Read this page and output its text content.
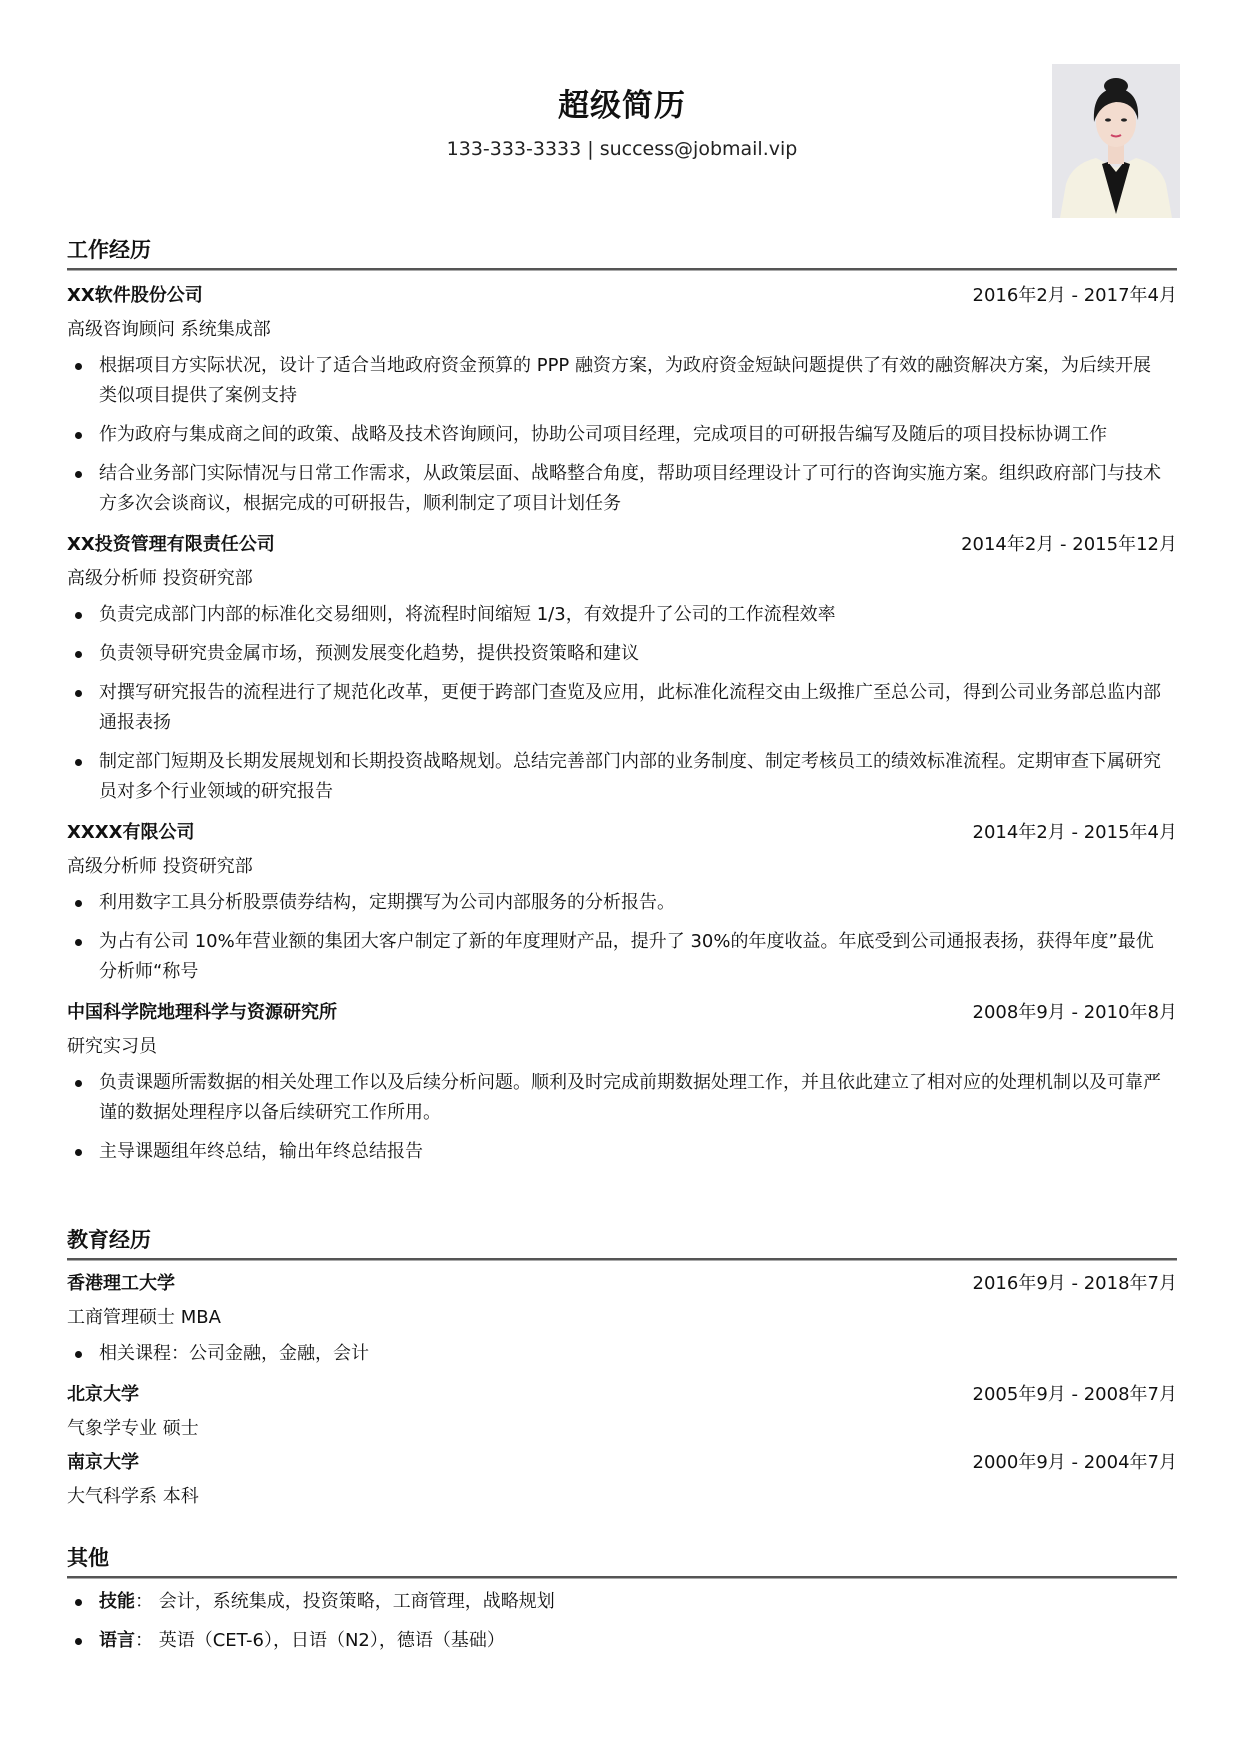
超级简历
133-333-3333 | success@jobmail.vip
工作经历
XX软件股份公司	2016年2月 - 2017年4月
高级咨询顾问 系统集成部
根据项目方实际状况，设计了适合当地政府资金预算的 PPP 融资方案，为政府资金短缺问题提供了有效的融资解决方案，为后续开展类似项目提供了案例支持
作为政府与集成商之间的政策、战略及技术咨询顾问，协助公司项目经理，完成项目的可研报告编写及随后的项目投标协调工作
结合业务部门实际情况与日常工作需求，从政策层面、战略整合角度，帮助项目经理设计了可行的咨询实施方案。组织政府部门与技术方多次会谈商议，根据完成的可研报告，顺利制定了项目计划任务
XX投资管理有限责任公司	2014年2月 - 2015年12月
高级分析师 投资研究部
负责完成部门内部的标准化交易细则，将流程时间缩短 1/3，有效提升了公司的工作流程效率
负责领导研究贵金属市场，预测发展变化趋势，提供投资策略和建议
对撰写研究报告的流程进行了规范化改革，更便于跨部门查览及应用，此标准化流程交由上级推广至总公司，得到公司业务部总监内部通报表扬
制定部门短期及长期发展规划和长期投资战略规划。总结完善部门内部的业务制度、制定考核员工的绩效标准流程。定期审查下属研究员对多个行业领域的研究报告
XXXX有限公司	2014年2月 - 2015年4月
高级分析师 投资研究部
利用数字工具分析股票债券结构，定期撰写为公司内部服务的分析报告。
为占有公司 10%年营业额的集团大客户制定了新的年度理财产品，提升了 30%的年度收益。年底受到公司通报表扬，获得年度”最优分析师“称号
中国科学院地理科学与资源研究所	2008年9月 - 2010年8月
研究实习员
负责课题所需数据的相关处理工作以及后续分析问题。顺利及时完成前期数据处理工作，并且依此建立了相对应的处理机制以及可靠严谨的数据处理程序以备后续研究工作所用。
主导课题组年终总结，输出年终总结报告
教育经历
香港理工大学	2016年9月 - 2018年7月
工商管理硕士 MBA
相关课程：公司金融，金融，会计
北京大学	2005年9月 - 2008年7月
气象学专业 硕士
南京大学	2000年9月 - 2004年7月
大气科学系 本科
其他
技能： 会计，系统集成，投资策略，工商管理，战略规划
语言： 英语（CET-6），日语（N2），德语（基础）
